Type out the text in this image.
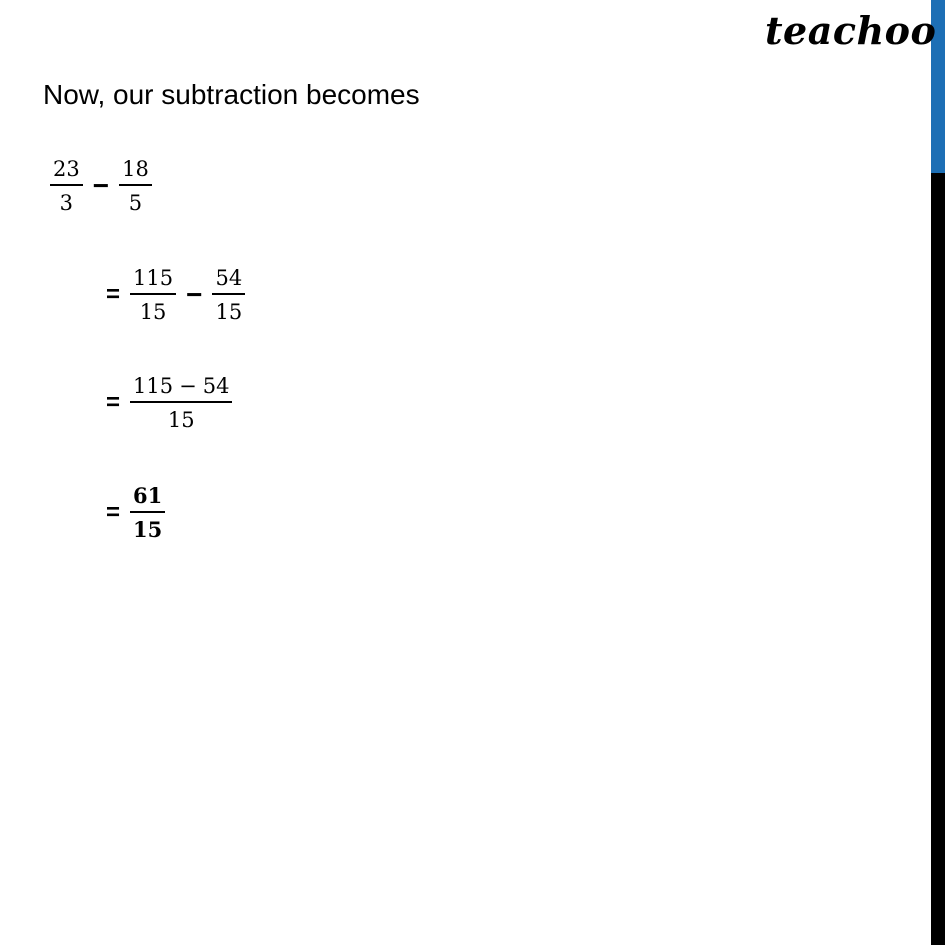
teachoo
Now, our subtraction becomes
$\frac{23}{3} - \frac{18}{5}$
= $\frac{115}{15} - \frac{54}{15}$
= $\frac{115 - 54}{15}$
= $\frac{61}{15}$
